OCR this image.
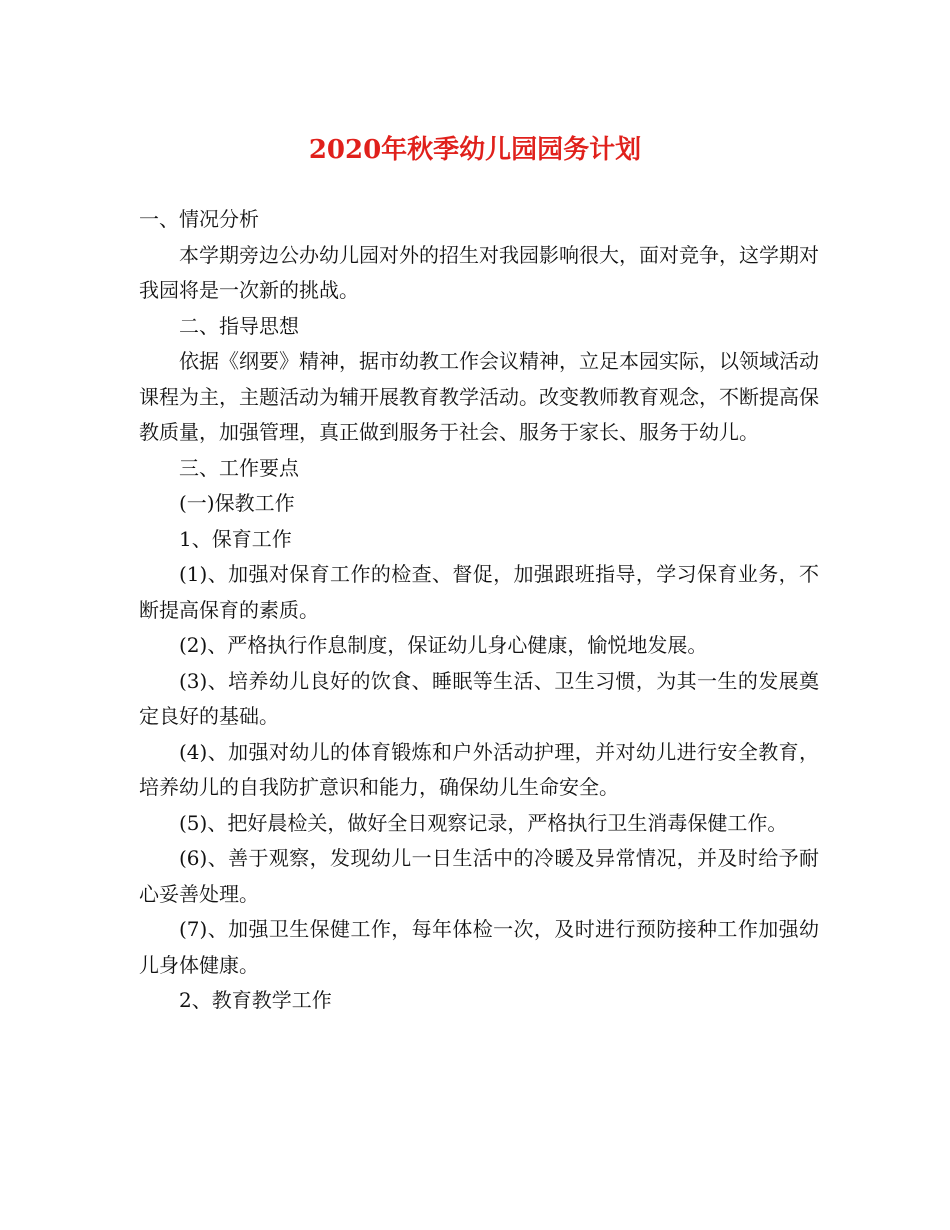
2020年秋季幼儿园园务计划

一、情况分析

本学期旁边公办幼儿园对外的招生对我园影响很大，面对竞争，这学期对我园将是一次新的挑战。

二、指导思想

依据《纲要》精神，据市幼教工作会议精神，立足本园实际，以领域活动课程为主，主题活动为辅开展教育教学活动。改变教师教育观念，不断提高保教质量，加强管理，真正做到服务于社会、服务于家长、服务于幼儿。

三、工作要点

(一)保教工作

1、保育工作

(1)、加强对保育工作的检查、督促，加强跟班指导，学习保育业务，不断提高保育的素质。

(2)、严格执行作息制度，保证幼儿身心健康，愉悦地发展。

(3)、培养幼儿良好的饮食、睡眠等生活、卫生习惯，为其一生的发展奠定良好的基础。

(4)、加强对幼儿的体育锻炼和户外活动护理，并对幼儿进行安全教育，培养幼儿的自我防扩意识和能力，确保幼儿生命安全。

(5)、把好晨检关，做好全日观察记录，严格执行卫生消毒保健工作。

(6)、善于观察，发现幼儿一日生活中的冷暖及异常情况，并及时给予耐心妥善处理。

(7)、加强卫生保健工作，每年体检一次，及时进行预防接种工作加强幼儿身体健康。

2、教育教学工作
